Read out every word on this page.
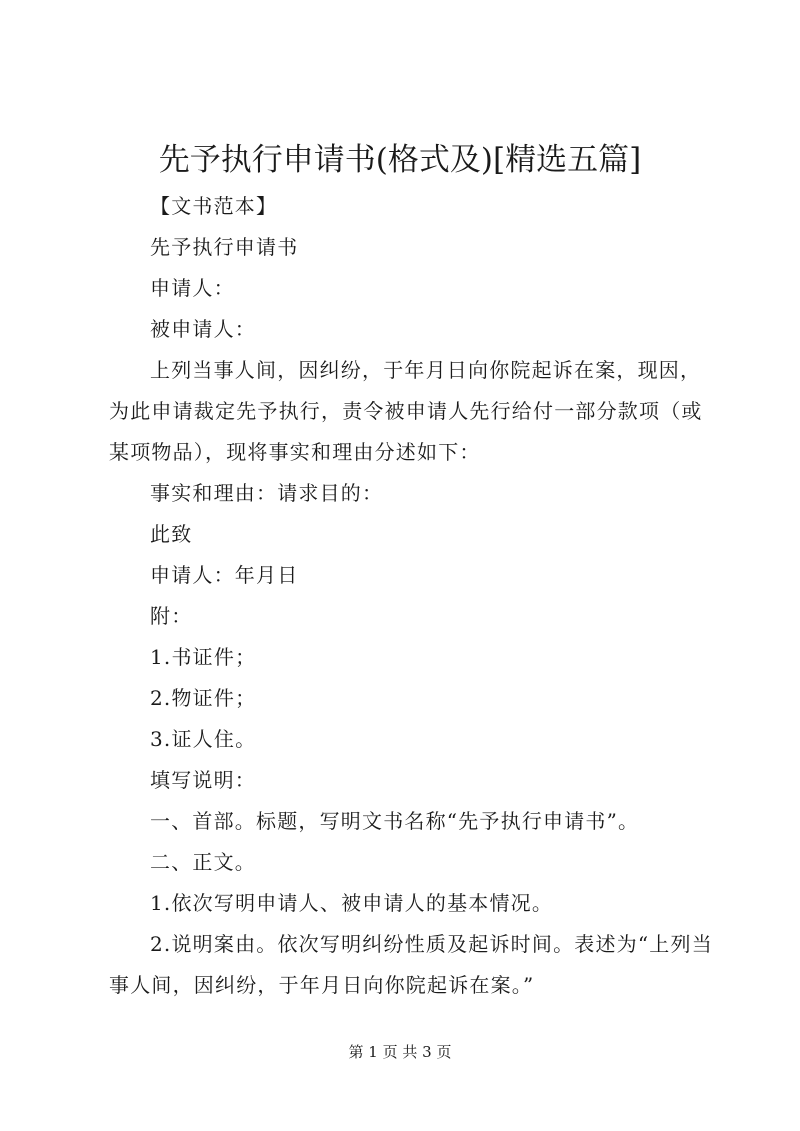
先予执行申请书(格式及)[精选五篇]

【文书范本】

先予执行申请书

申请人：

被申请人：

上列当事人间，因纠纷，于年月日向你院起诉在案，现因，为此申请裁定先予执行，责令被申请人先行给付一部分款项（或某项物品），现将事实和理由分述如下：

事实和理由：请求目的：

此致

申请人：年月日

附：

1.书证件；

2.物证件；

3.证人住。

填写说明：

一、首部。标题，写明文书名称“先予执行申请书”。

二、正文。

1.依次写明申请人、被申请人的基本情况。

2.说明案由。依次写明纠纷性质及起诉时间。表述为“上列当事人间，因纠纷，于年月日向你院起诉在案。”

第 1 页 共 3 页
